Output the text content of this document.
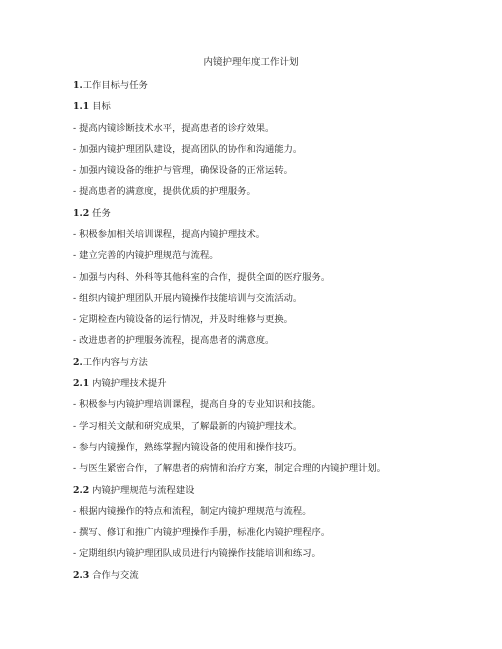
内镜护理年度工作计划
1.工作目标与任务
1.1 目标
- 提高内镜诊断技术水平，提高患者的诊疗效果。
- 加强内镜护理团队建设，提高团队的协作和沟通能力。
- 加强内镜设备的维护与管理，确保设备的正常运转。
- 提高患者的满意度，提供优质的护理服务。
1.2 任务
- 积极参加相关培训课程，提高内镜护理技术。
- 建立完善的内镜护理规范与流程。
- 加强与内科、外科等其他科室的合作，提供全面的医疗服务。
- 组织内镜护理团队开展内镜操作技能培训与交流活动。
- 定期检查内镜设备的运行情况，并及时维修与更换。
- 改进患者的护理服务流程，提高患者的满意度。
2.工作内容与方法
2.1 内镜护理技术提升
- 积极参与内镜护理培训课程，提高自身的专业知识和技能。
- 学习相关文献和研究成果，了解最新的内镜护理技术。
- 参与内镜操作，熟练掌握内镜设备的使用和操作技巧。
- 与医生紧密合作，了解患者的病情和治疗方案，制定合理的内镜护理计划。
2.2 内镜护理规范与流程建设
- 根据内镜操作的特点和流程，制定内镜护理规范与流程。
- 撰写、修订和推广内镜护理操作手册，标准化内镜护理程序。
- 定期组织内镜护理团队成员进行内镜操作技能培训和练习。
2.3 合作与交流
